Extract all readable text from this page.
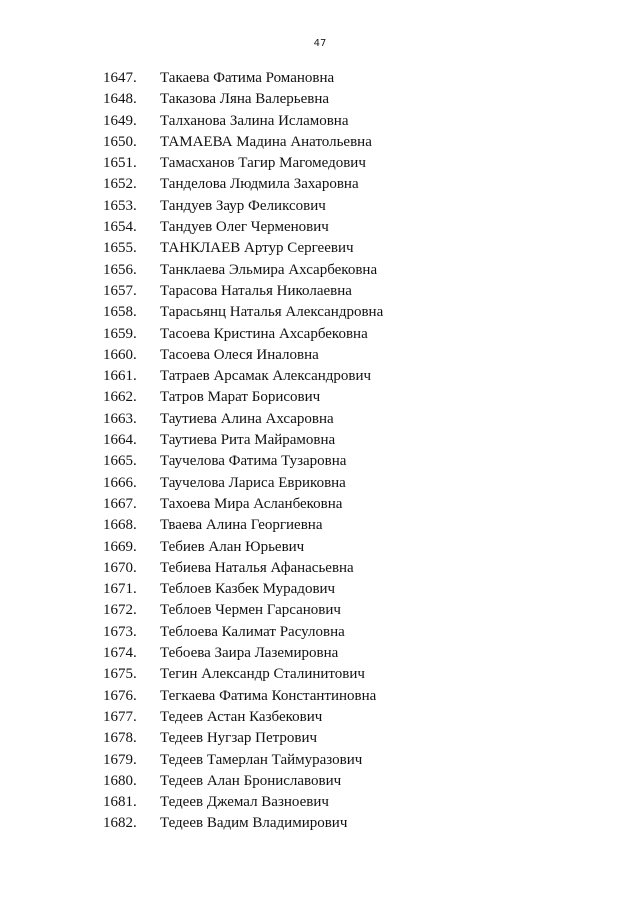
47
1647. Такаева Фатима Романовна
1648. Таказова Ляна Валерьевна
1649. Талханова Залина Исламовна
1650. ТАМАЕВА Мадина Анатольевна
1651. Тамасханов Тагир Магомедович
1652. Танделова Людмила Захаровна
1653. Тандуев Заур Феликсович
1654. Тандуев Олег Черменович
1655. ТАНКЛАЕВ Артур Сергеевич
1656. Танклаева Эльмира Ахсарбековна
1657. Тарасова Наталья Николаевна
1658. Тарасьянц Наталья Александровна
1659. Тасоева Кристина Ахсарбековна
1660. Тасоева Олеся Иналовна
1661. Татраев Арсамак Александрович
1662. Татров Марат Борисович
1663. Таутиева Алина Ахсаровна
1664. Таутиева Рита Майрамовна
1665. Таучелова Фатима Тузаровна
1666. Таучелова Лариса Евриковна
1667. Тахоева Мира Асланбековна
1668. Тваева Алина Георгиевна
1669. Тебиев Алан Юрьевич
1670. Тебиева Наталья Афанасьевна
1671. Теблоев Казбек Мурадович
1672. Теблоев Чермен Гарсанович
1673. Теблоева Калимат Расуловна
1674. Тебоева Заира Лаземировна
1675. Тегин Александр Сталинитович
1676. Тегкаева Фатима Константиновна
1677. Тедеев Астан Казбекович
1678. Тедеев Нугзар Петрович
1679. Тедеев Тамерлан Таймуразович
1680. Тедеев Алан Брониславович
1681. Тедеев Джемал Вазноевич
1682. Тедеев Вадим Владимирович
